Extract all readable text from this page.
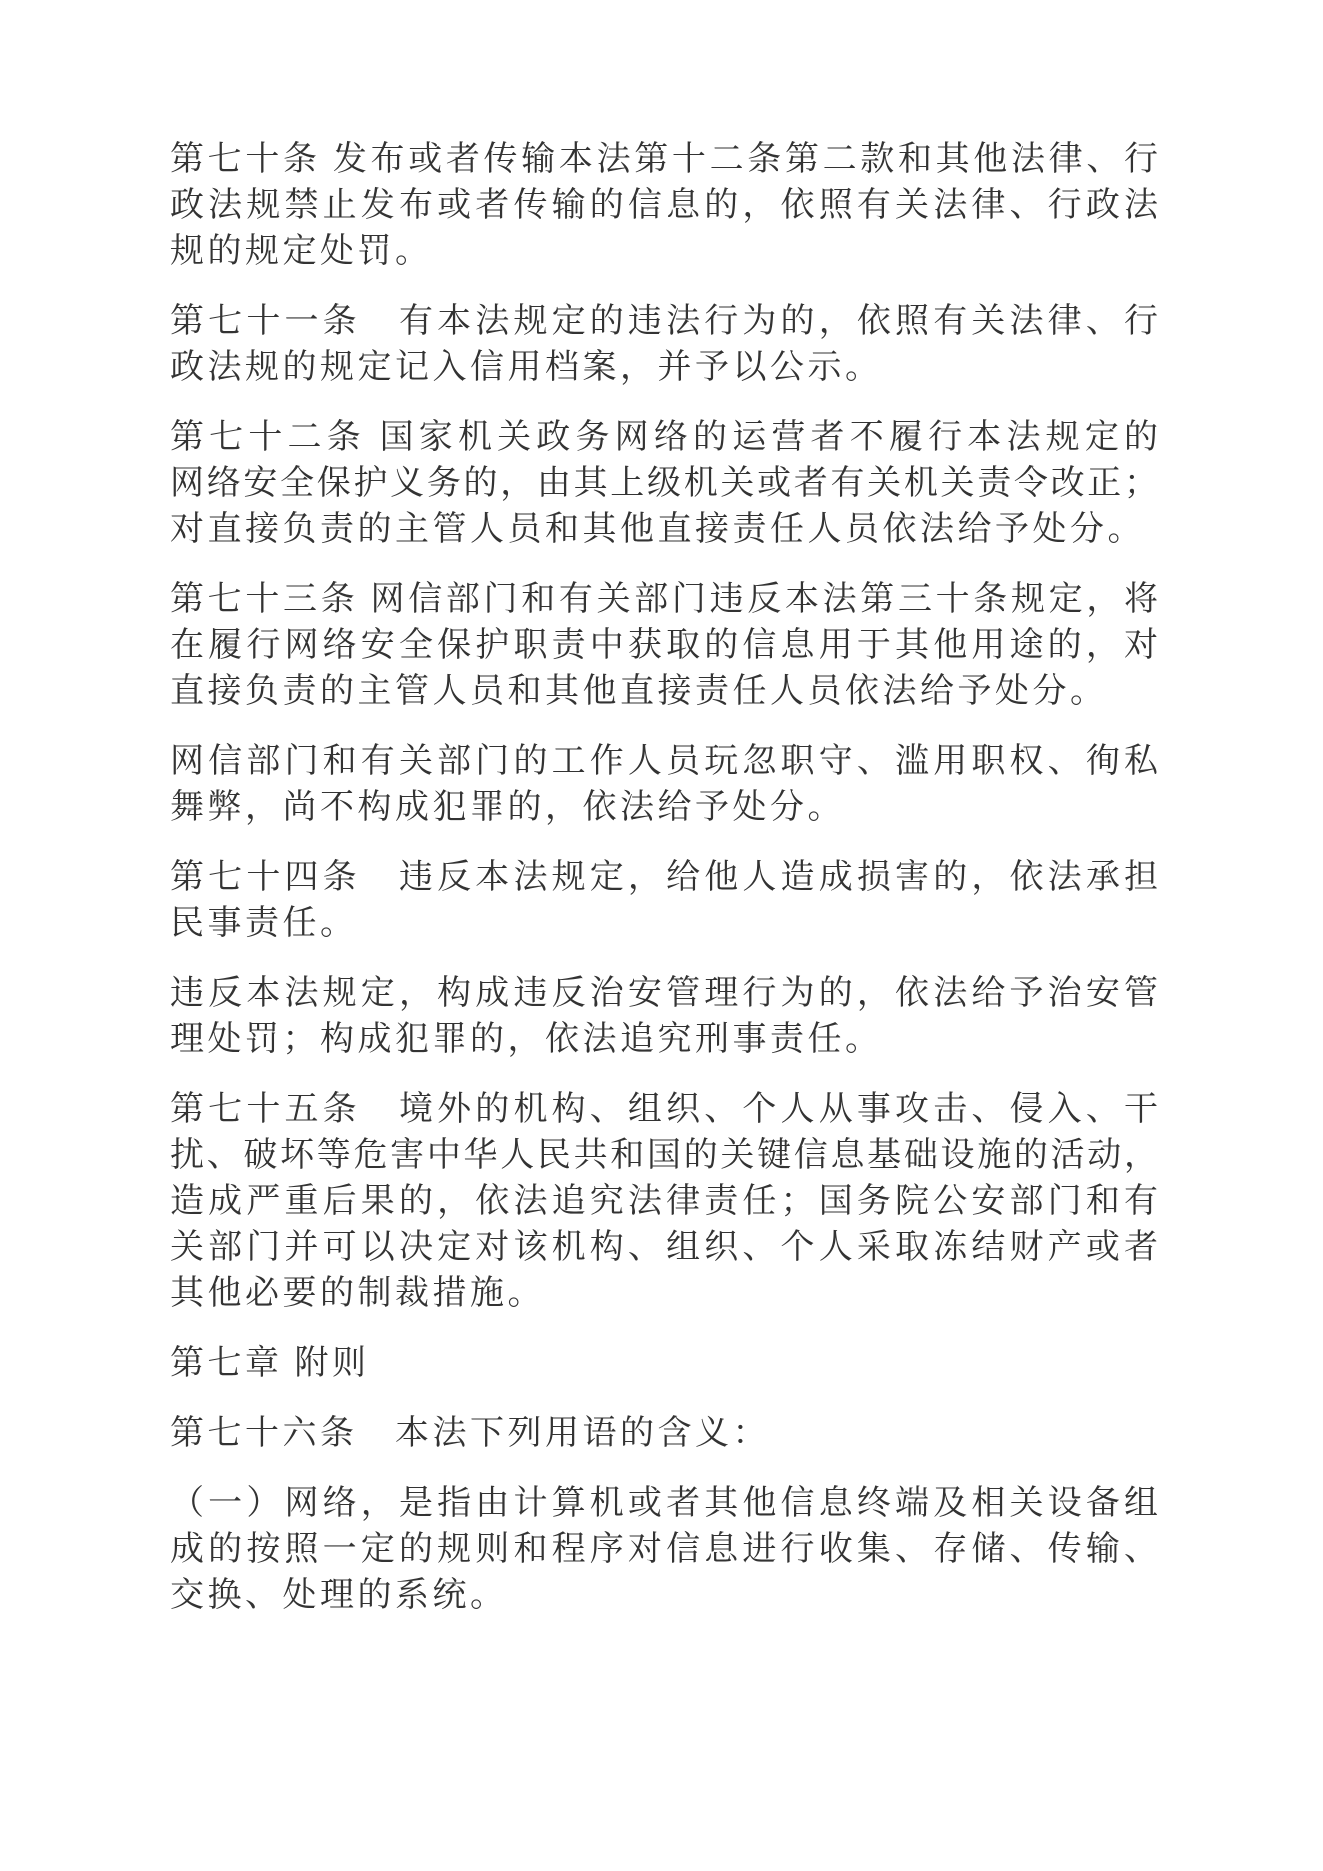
第七十条 发布或者传输本法第十二条第二款和其他法律、行
政法规禁止发布或者传输的信息的，依照有关法律、行政法
规的规定处罚。
第七十一条　有本法规定的违法行为的，依照有关法律、行
政法规的规定记入信用档案，并予以公示。
第七十二条 国家机关政务网络的运营者不履行本法规定的
网络安全保护义务的，由其上级机关或者有关机关责令改正；
对直接负责的主管人员和其他直接责任人员依法给予处分。
第七十三条 网信部门和有关部门违反本法第三十条规定，将
在履行网络安全保护职责中获取的信息用于其他用途的，对
直接负责的主管人员和其他直接责任人员依法给予处分。
网信部门和有关部门的工作人员玩忽职守、滥用职权、徇私
舞弊，尚不构成犯罪的，依法给予处分。
第七十四条　违反本法规定，给他人造成损害的，依法承担
民事责任。
违反本法规定，构成违反治安管理行为的，依法给予治安管
理处罚；构成犯罪的，依法追究刑事责任。
第七十五条　境外的机构、组织、个人从事攻击、侵入、干
扰、破坏等危害中华人民共和国的关键信息基础设施的活动，
造成严重后果的，依法追究法律责任；国务院公安部门和有
关部门并可以决定对该机构、组织、个人采取冻结财产或者
其他必要的制裁措施。
第七章 附则
第七十六条　本法下列用语的含义：
（一）网络，是指由计算机或者其他信息终端及相关设备组
成的按照一定的规则和程序对信息进行收集、存储、传输、
交换、处理的系统。
